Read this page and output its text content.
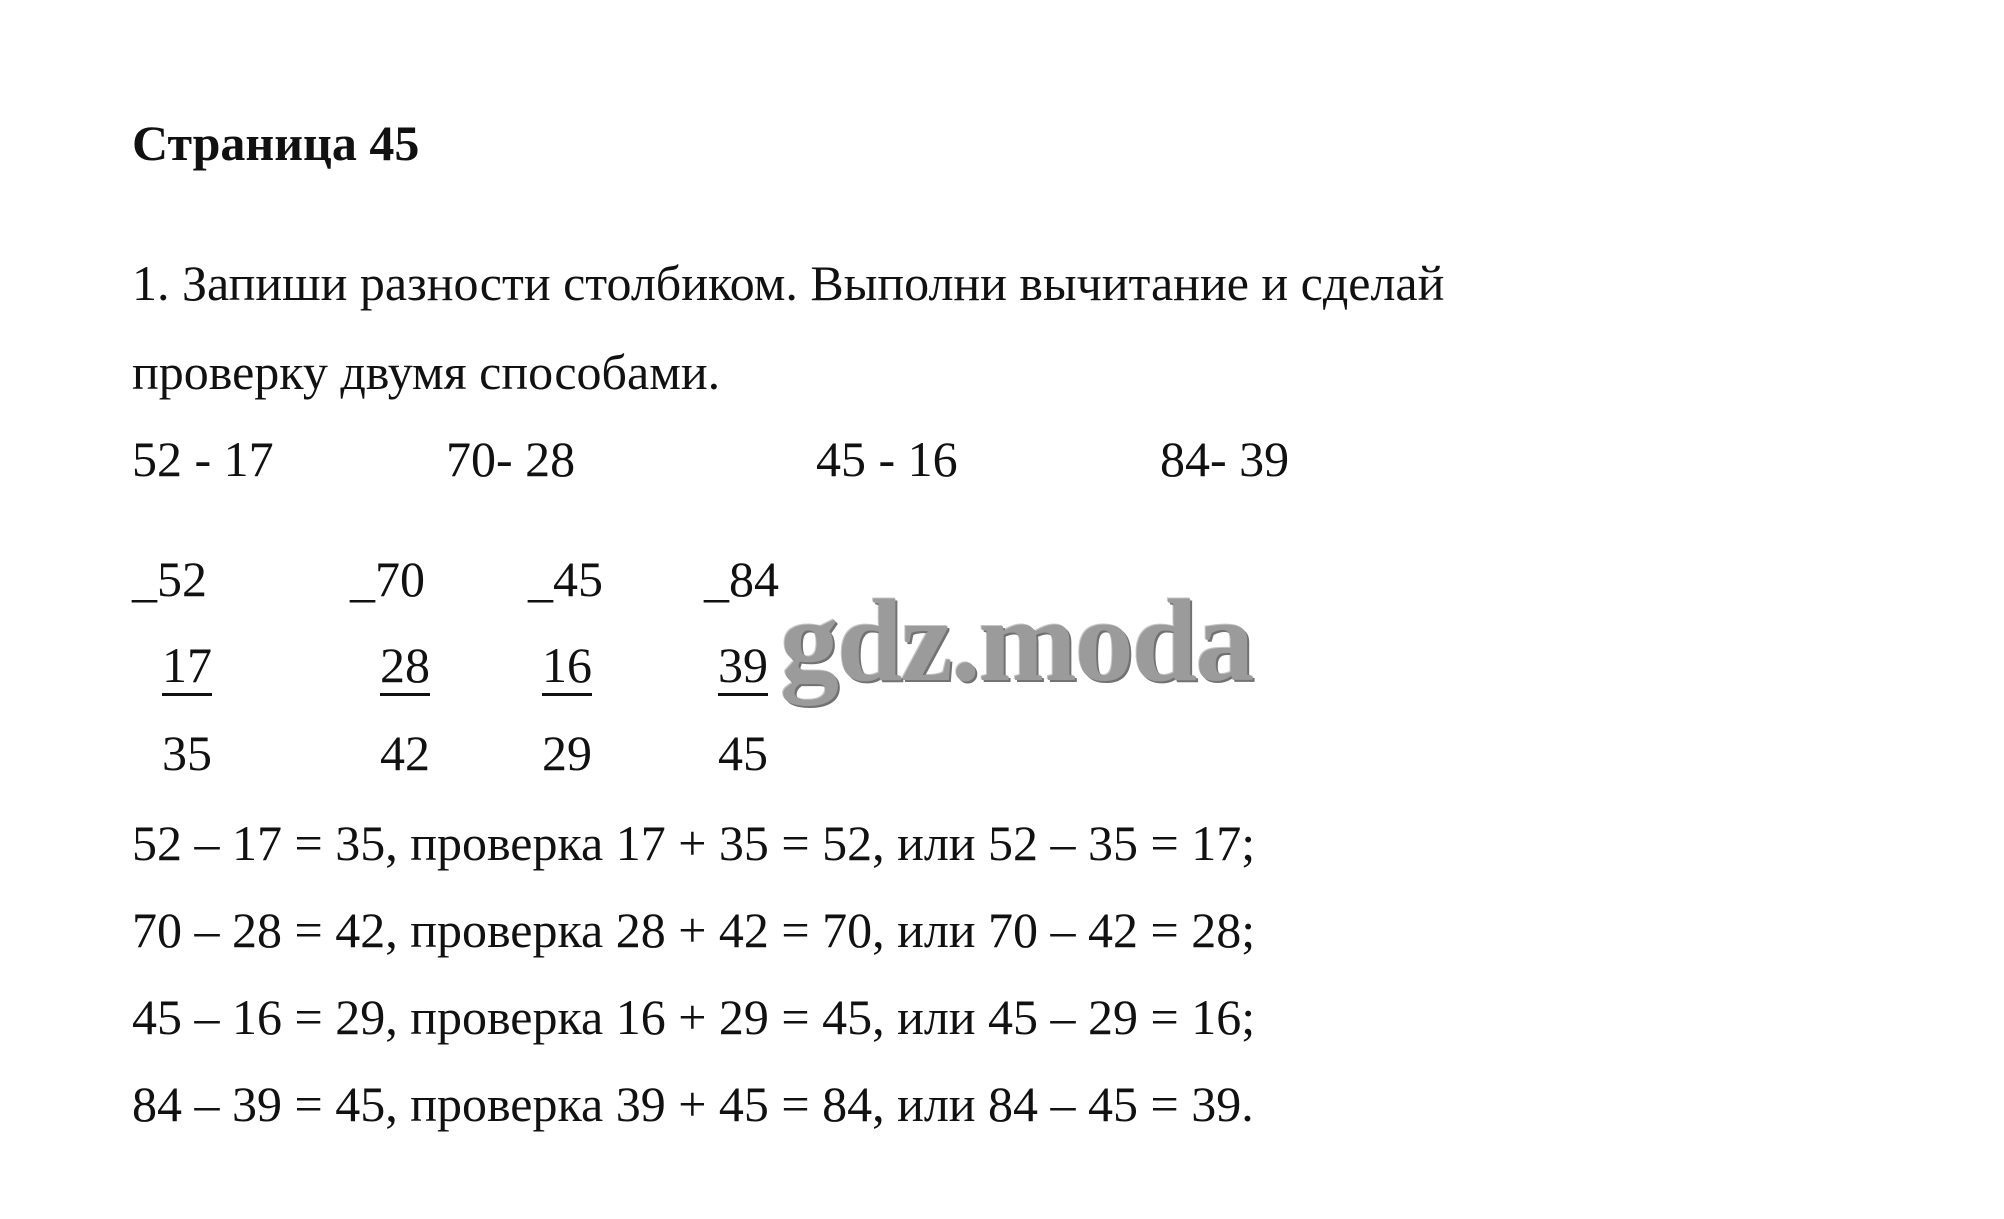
Страница 45
1. Запиши разности столбиком. Выполни вычитание и сделай
проверку двумя способами.
52 - 17	70- 28	45 - 16	84- 39
_52
17
35
_70
28
42
_45
16
29
_84
39
45
gdz.moda
52 – 17 = 35, проверка 17 + 35 = 52, или 52 – 35 = 17;
70 – 28 = 42, проверка 28 + 42 = 70, или 70 – 42 = 28;
45 – 16 = 29, проверка 16 + 29 = 45, или 45 – 29 = 16;
84 – 39 = 45, проверка 39 + 45 = 84, или 84 – 45 = 39.
